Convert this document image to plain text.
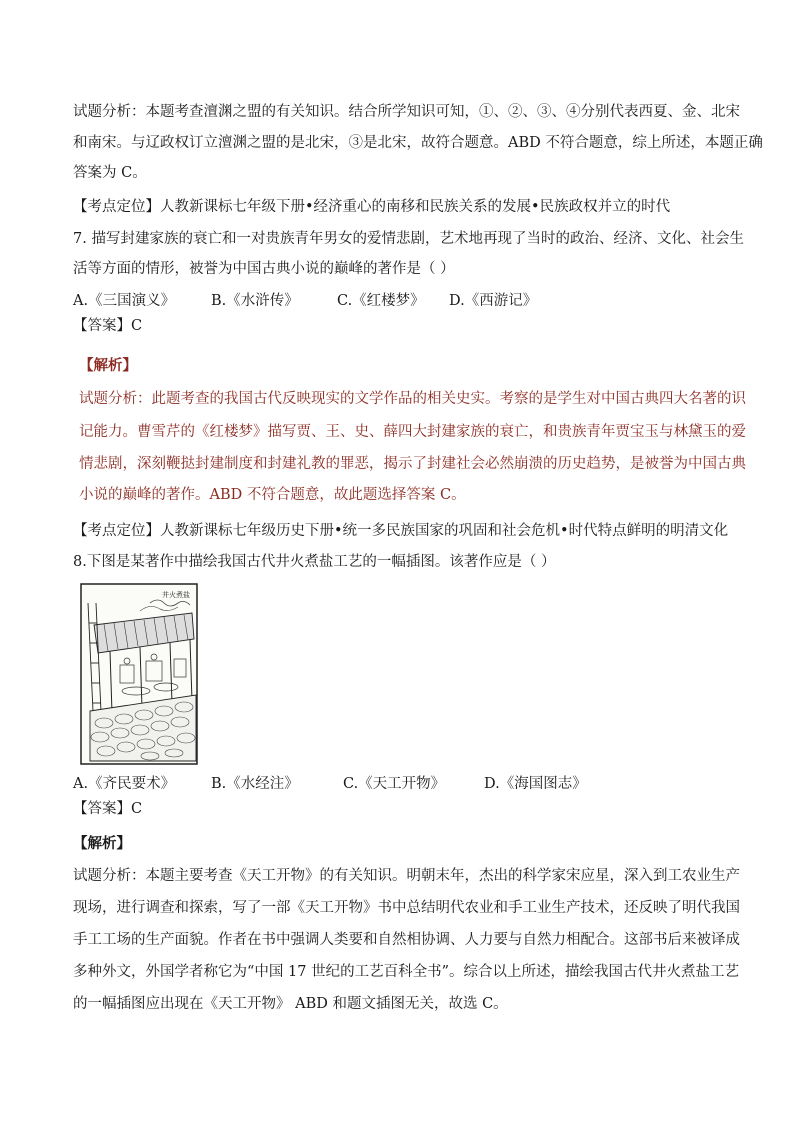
试题分析：本题考查澶渊之盟的有关知识。结合所学知识可知，①、②、③、④分别代表西夏、金、北宋
和南宋。与辽政权订立澶渊之盟的是北宋，③是北宋，故符合题意。ABD 不符合题意，综上所述，本题正确
答案为 C。
【考点定位】人教新课标七年级下册•经济重心的南移和民族关系的发展•民族政权并立的时代
7. 描写封建家族的衰亡和一对贵族青年男女的爱情悲剧，艺术地再现了当时的政治、经济、文化、社会生
活等方面的情形，被誉为中国古典小说的巅峰的著作是（ ）
A.《三国演义》 B.《水浒传》	C.《红楼梦》 D.《西游记》
【答案】C
【解析】
试题分析：此题考查的我国古代反映现实的文学作品的相关史实。考察的是学生对中国古典四大名著的识
记能力。曹雪芹的《红楼梦》描写贾、王、史、薛四大封建家族的衰亡，和贵族青年贾宝玉与林黛玉的爱
情悲剧，深刻鞭挞封建制度和封建礼教的罪恶，揭示了封建社会必然崩溃的历史趋势，是被誉为中国古典
小说的巅峰的著作。ABD 不符合题意，故此题选择答案 C。
【考点定位】人教新课标七年级历史下册•统一多民族国家的巩固和社会危机•时代特点鲜明的明清文化
8.下图是某著作中描绘我国古代井火煮盐工艺的一幅插图。该著作应是（ ）
井火煮盐
A.《齐民要术》 B.《水经注》	C.《天工开物》	D.《海国图志》
【答案】C
【解析】
试题分析：本题主要考查《天工开物》的有关知识。明朝末年，杰出的科学家宋应星，深入到工农业生产
现场，进行调查和探索，写了一部《天工开物》书中总结明代农业和手工业生产技术，还反映了明代我国
手工工场的生产面貌。作者在书中强调人类要和自然相协调、人力要与自然力相配合。这部书后来被译成
多种外文，外国学者称它为“中国 17 世纪的工艺百科全书”。综合以上所述，描绘我国古代井火煮盐工艺
的一幅插图应出现在《天工开物》 ABD 和题文插图无关，故选 C。
